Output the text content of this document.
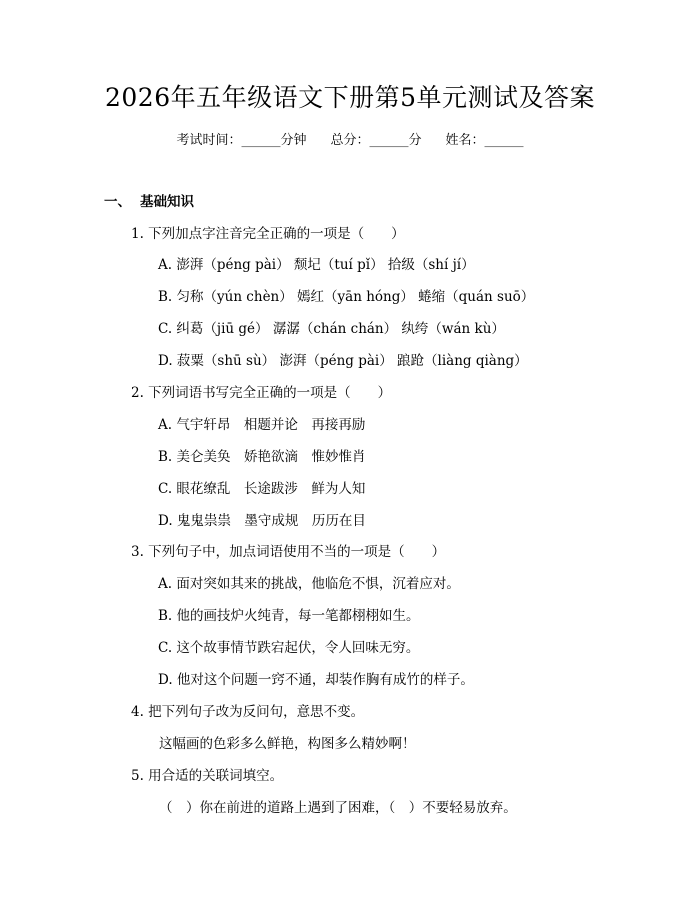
2026年五年级语文下册第5单元测试及答案
考试时间：______分钟 总分：______分 姓名：______
一、 基础知识
1. 下列加点字注音完全正确的一项是（　　）
A. 澎湃（péng pài） 颓圮（tuí pǐ） 拾级（shí jí）
B. 匀称（yún chèn） 嫣红（yān hóng） 蜷缩（quán suō）
C. 纠葛（jiū gé） 潺潺（chán chán） 纨绔（wán kù）
D. 菽粟（shū sù） 澎湃（péng pài） 踉跄（liàng qiàng）
2. 下列词语书写完全正确的一项是（　　）
A. 气宇轩昂　相题并论　再接再励
B. 美仑美奂　娇艳欲滴　惟妙惟肖
C. 眼花缭乱　长途跋涉　鲜为人知
D. 鬼鬼祟祟　墨守成规　历历在目
3. 下列句子中，加点词语使用不当的一项是（　　）
A. 面对突如其来的挑战，他临危不惧，沉着应对。
B. 他的画技炉火纯青，每一笔都栩栩如生。
C. 这个故事情节跌宕起伏，令人回味无穷。
D. 他对这个问题一窍不通，却装作胸有成竹的样子。
4. 把下列句子改为反问句，意思不变。
这幅画的色彩多么鲜艳，构图多么精妙啊！
5. 用合适的关联词填空。
（　）你在前进的道路上遇到了困难，（　）不要轻易放弃。
